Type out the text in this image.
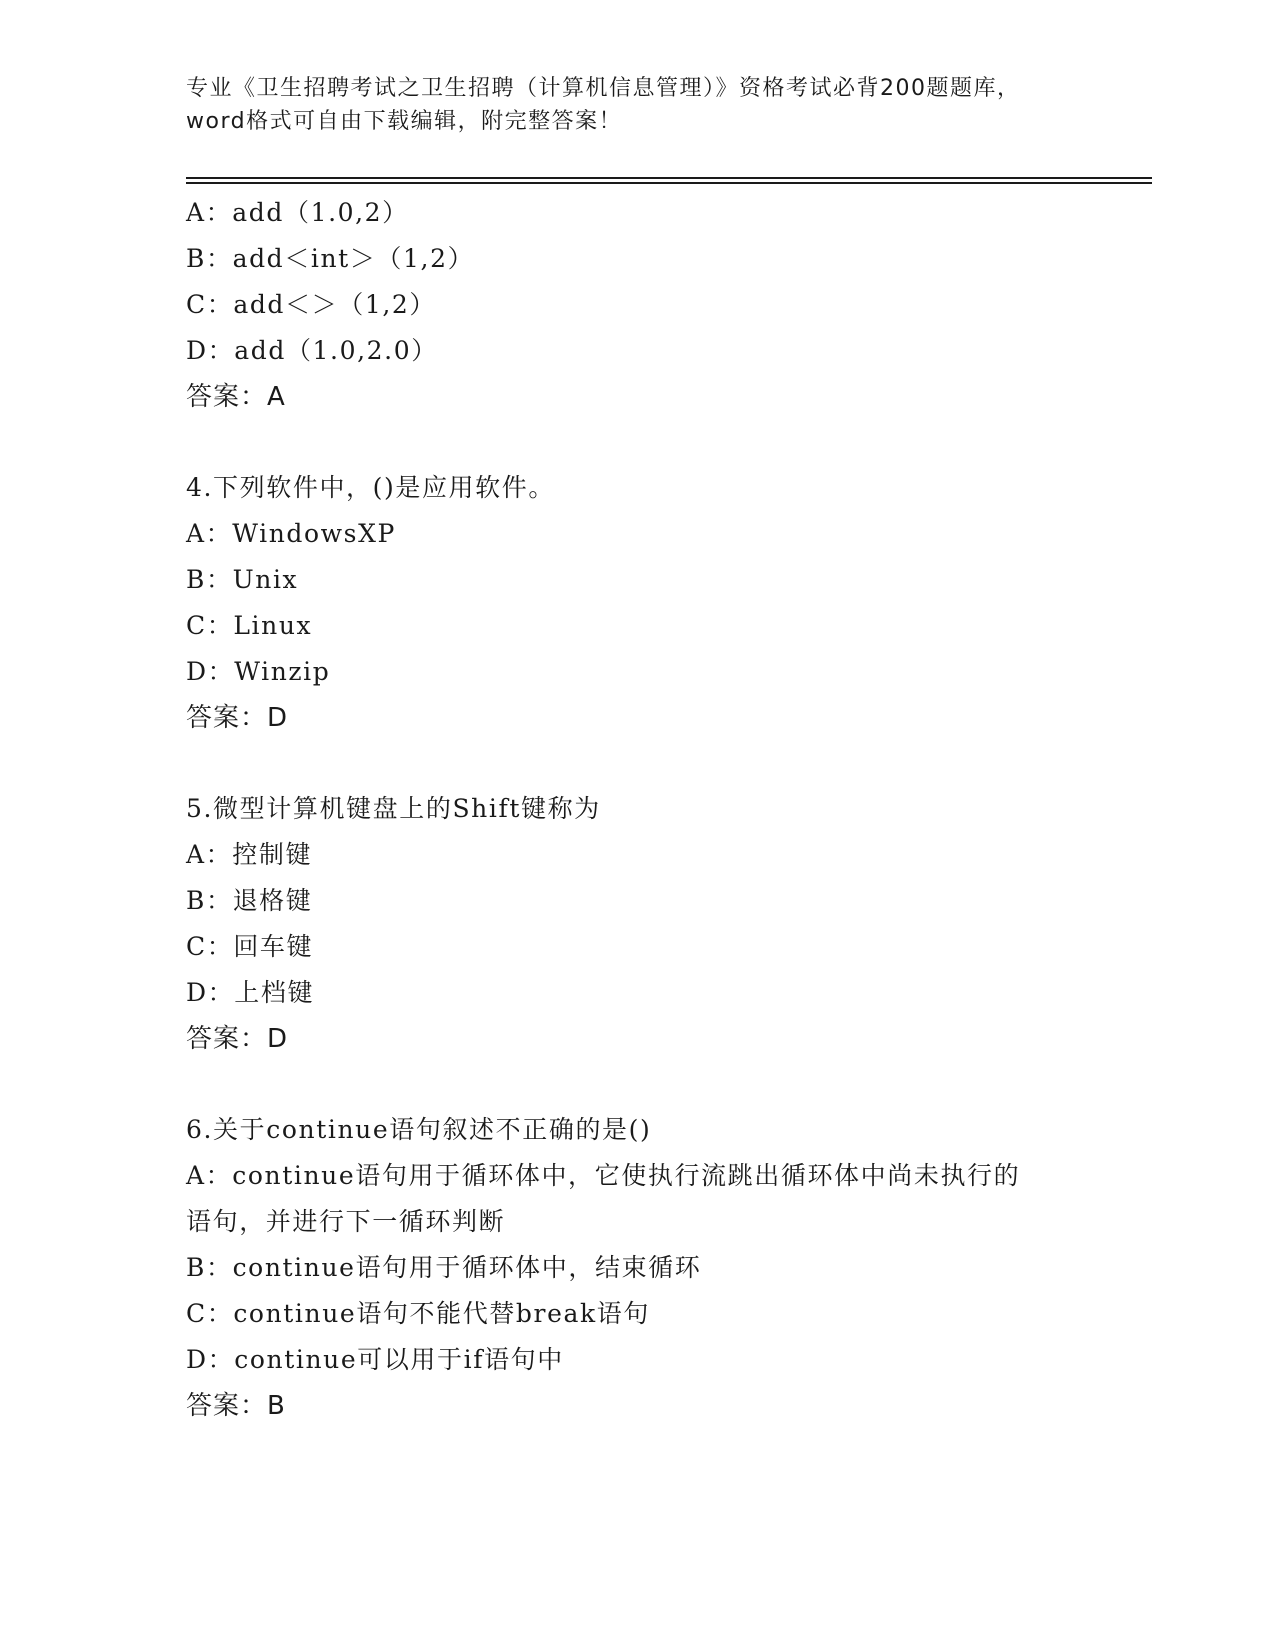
专业《卫生招聘考试之卫生招聘（计算机信息管理）》资格考试必背200题题库，
word格式可自由下载编辑，附完整答案！
A：add（1.0,2）
B：add＜int＞（1,2）
C：add＜＞（1,2）
D：add（1.0,2.0）
答案：A
4.下列软件中，()是应用软件。
A：WindowsXP
B：Unix
C：Linux
D：Winzip
答案：D
5.微型计算机键盘上的Shift键称为
A：控制键
B：退格键
C：回车键
D：上档键
答案：D
6.关于continue语句叙述不正确的是()
A：continue语句用于循环体中，它使执行流跳出循环体中尚未执行的
语句，并进行下一循环判断
B：continue语句用于循环体中，结束循环
C：continue语句不能代替break语句
D：continue可以用于if语句中
答案：B
